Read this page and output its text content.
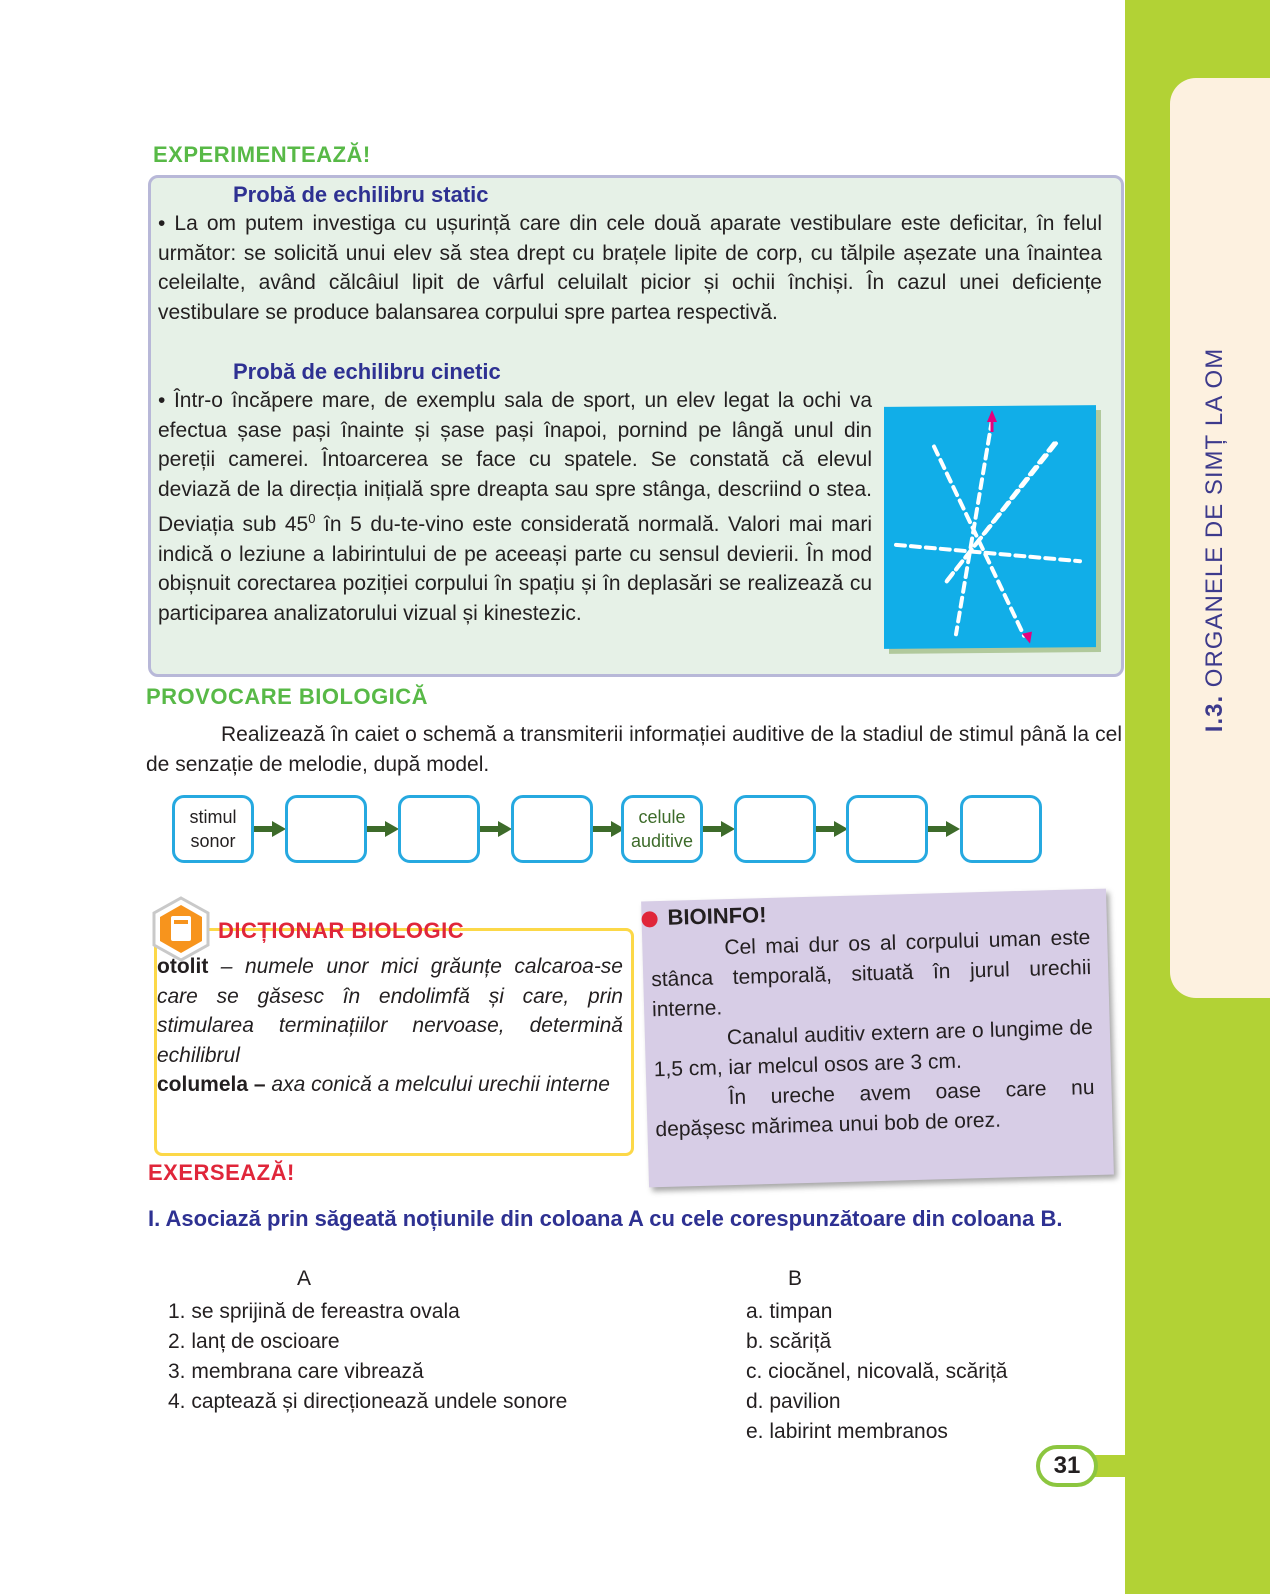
I.3. ORGANELE DE SIMȚ LA OM
EXPERIMENTEAZĂ!
Probă de echilibru static
• La om putem investiga cu ușurință care din cele două aparate vestibulare este deficitar, în felul următor: se solicită unui elev să stea drept cu brațele lipite de corp, cu tălpile așezate una înaintea celeilalte, având călcâiul lipit de vârful celuilalt picior și ochii închiși. În cazul unei deficiențe vestibulare se produce balansarea corpului spre partea respectivă.
Probă de echilibru cinetic
• Într-o încăpere mare, de exemplu sala de sport, un elev legat la ochi va efectua șase pași înainte și șase pași înapoi, pornind pe lângă unul din pereții camerei. Întoarcerea se face cu spatele. Se constată că elevul deviază de la direcția inițială spre dreapta sau spre stânga, descriind o stea. Deviația sub $45^0$ în 5 du-te-vino este considerată normală. Valori mai mari indică o leziune a labirintului de pe aceeași parte cu sensul devierii. În mod obișnuit corectarea poziției corpului în spațiu și în deplasări se realizează cu participarea analizatorului vizual și kinestezic.
PROVOCARE BIOLOGICĂ
Realizează în caiet o schemă a transmiterii informației auditive de la stadiul de stimul până la cel de senzație de melodie, după model.
stimul
sonor
celule
auditive
DICȚIONAR BIOLOGIC
otolit – numele unor mici grăunțe calcaroa-se care se găsesc în endolimfă și care, prin stimularea terminațiilor nervoase, determină echilibrul
columela – axa conică a melcului urechii interne
BIOINFO!
Cel mai dur os al corpului uman este stânca temporală, situată în jurul urechii interne.
Canalul auditiv extern are o lungime de 1,5 cm, iar melcul osos are 3 cm.
În ureche avem oase care nu depășesc mărimea unui bob de orez.
EXERSEAZĂ!
I. Asociază prin săgeată noțiunile din coloana A cu cele corespunzătoare din coloana B.
A	B
1. se sprijină de fereastra ovala
2. lanț de oscioare
3. membrana care vibrează
4. captează și direcționează undele sonore
a. timpan
b. scăriță
c. ciocănel, nicovală, scăriță
d. pavilion
e. labirint membranos
31
